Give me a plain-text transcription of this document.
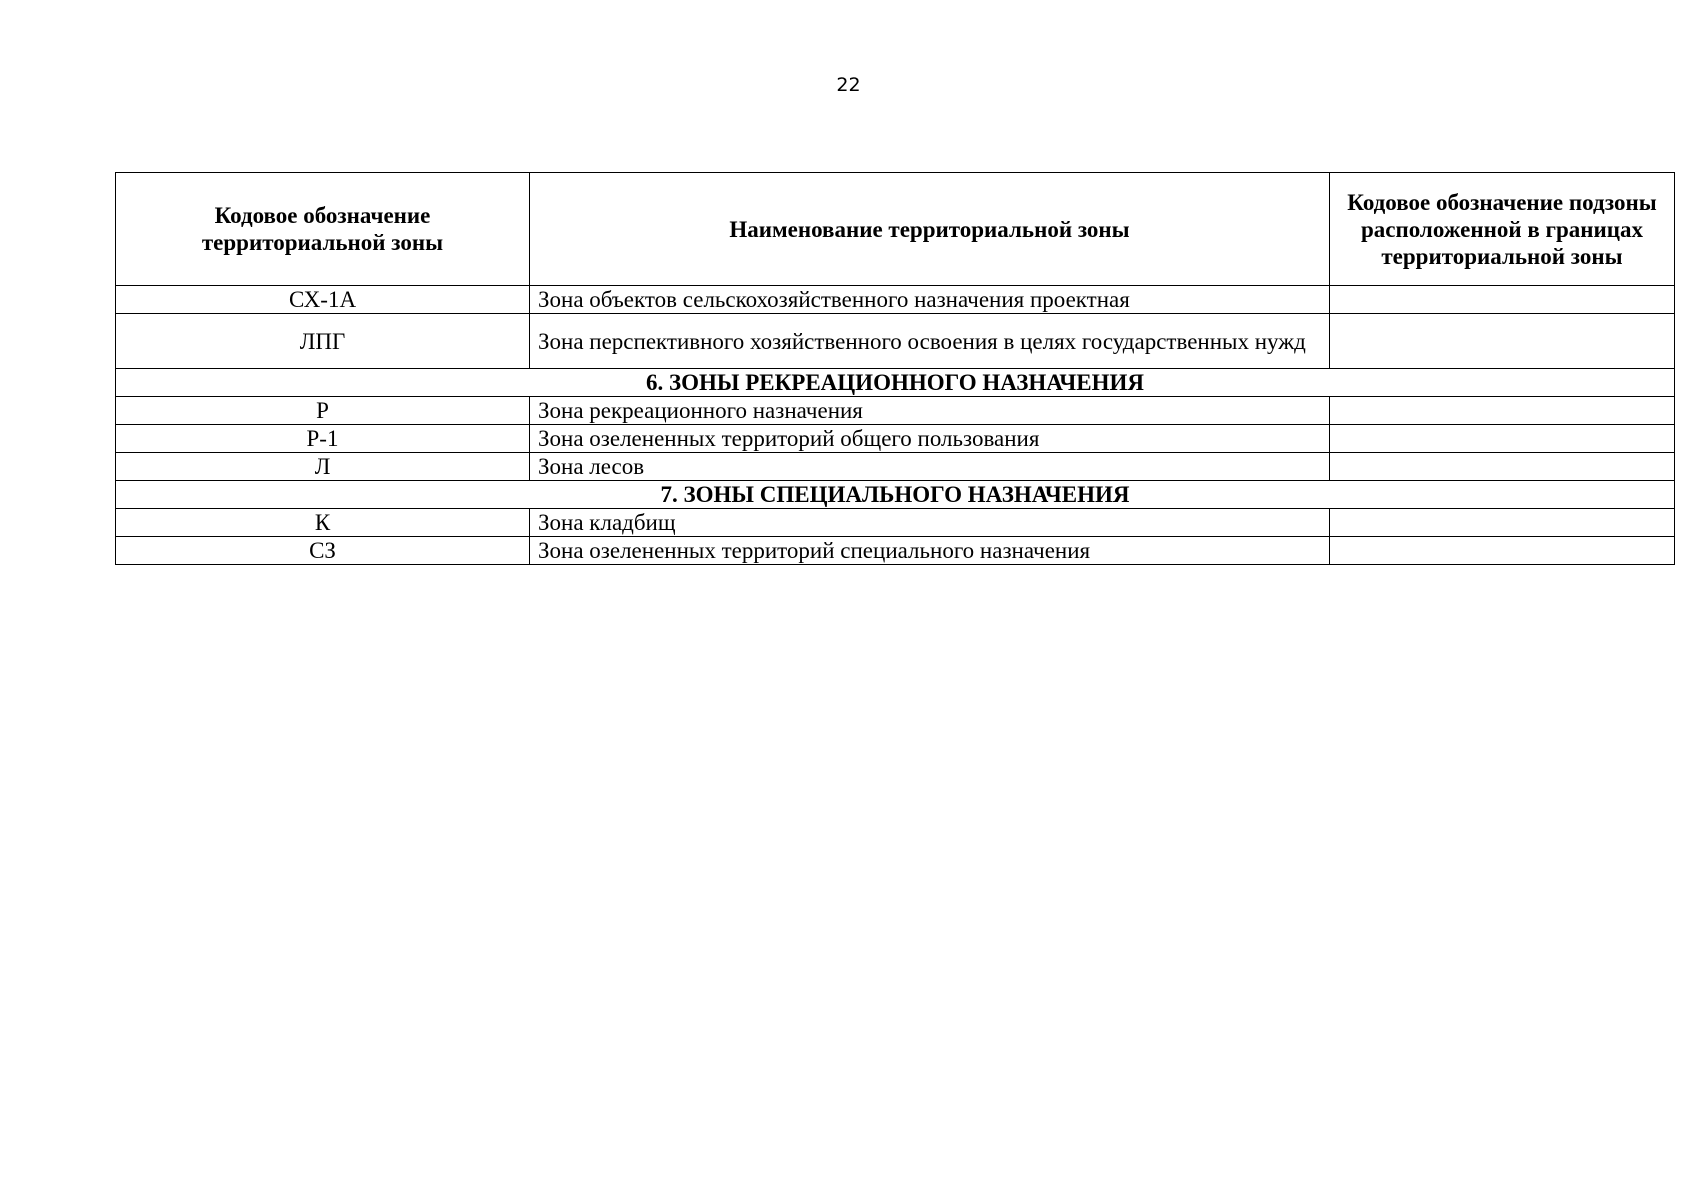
22
Кодовое обозначение территориальной зоны	Наименование территориальной зоны	Кодовое обозначение подзоны расположенной в границах территориальной зоны
СХ-1А	Зона объектов сельскохозяйственного назначения проектная	
ЛПГ	Зона перспективного хозяйственного освоения в целях государственных нужд	
6. ЗОНЫ РЕКРЕАЦИОННОГО НАЗНАЧЕНИЯ		
Р	Зона рекреационного назначения	
Р-1	Зона озелененных территорий общего пользования	
Л	Зона лесов	
7. ЗОНЫ СПЕЦИАЛЬНОГО НАЗНАЧЕНИЯ		
К	Зона кладбищ	
СЗ	Зона озелененных территорий специального назначения	
